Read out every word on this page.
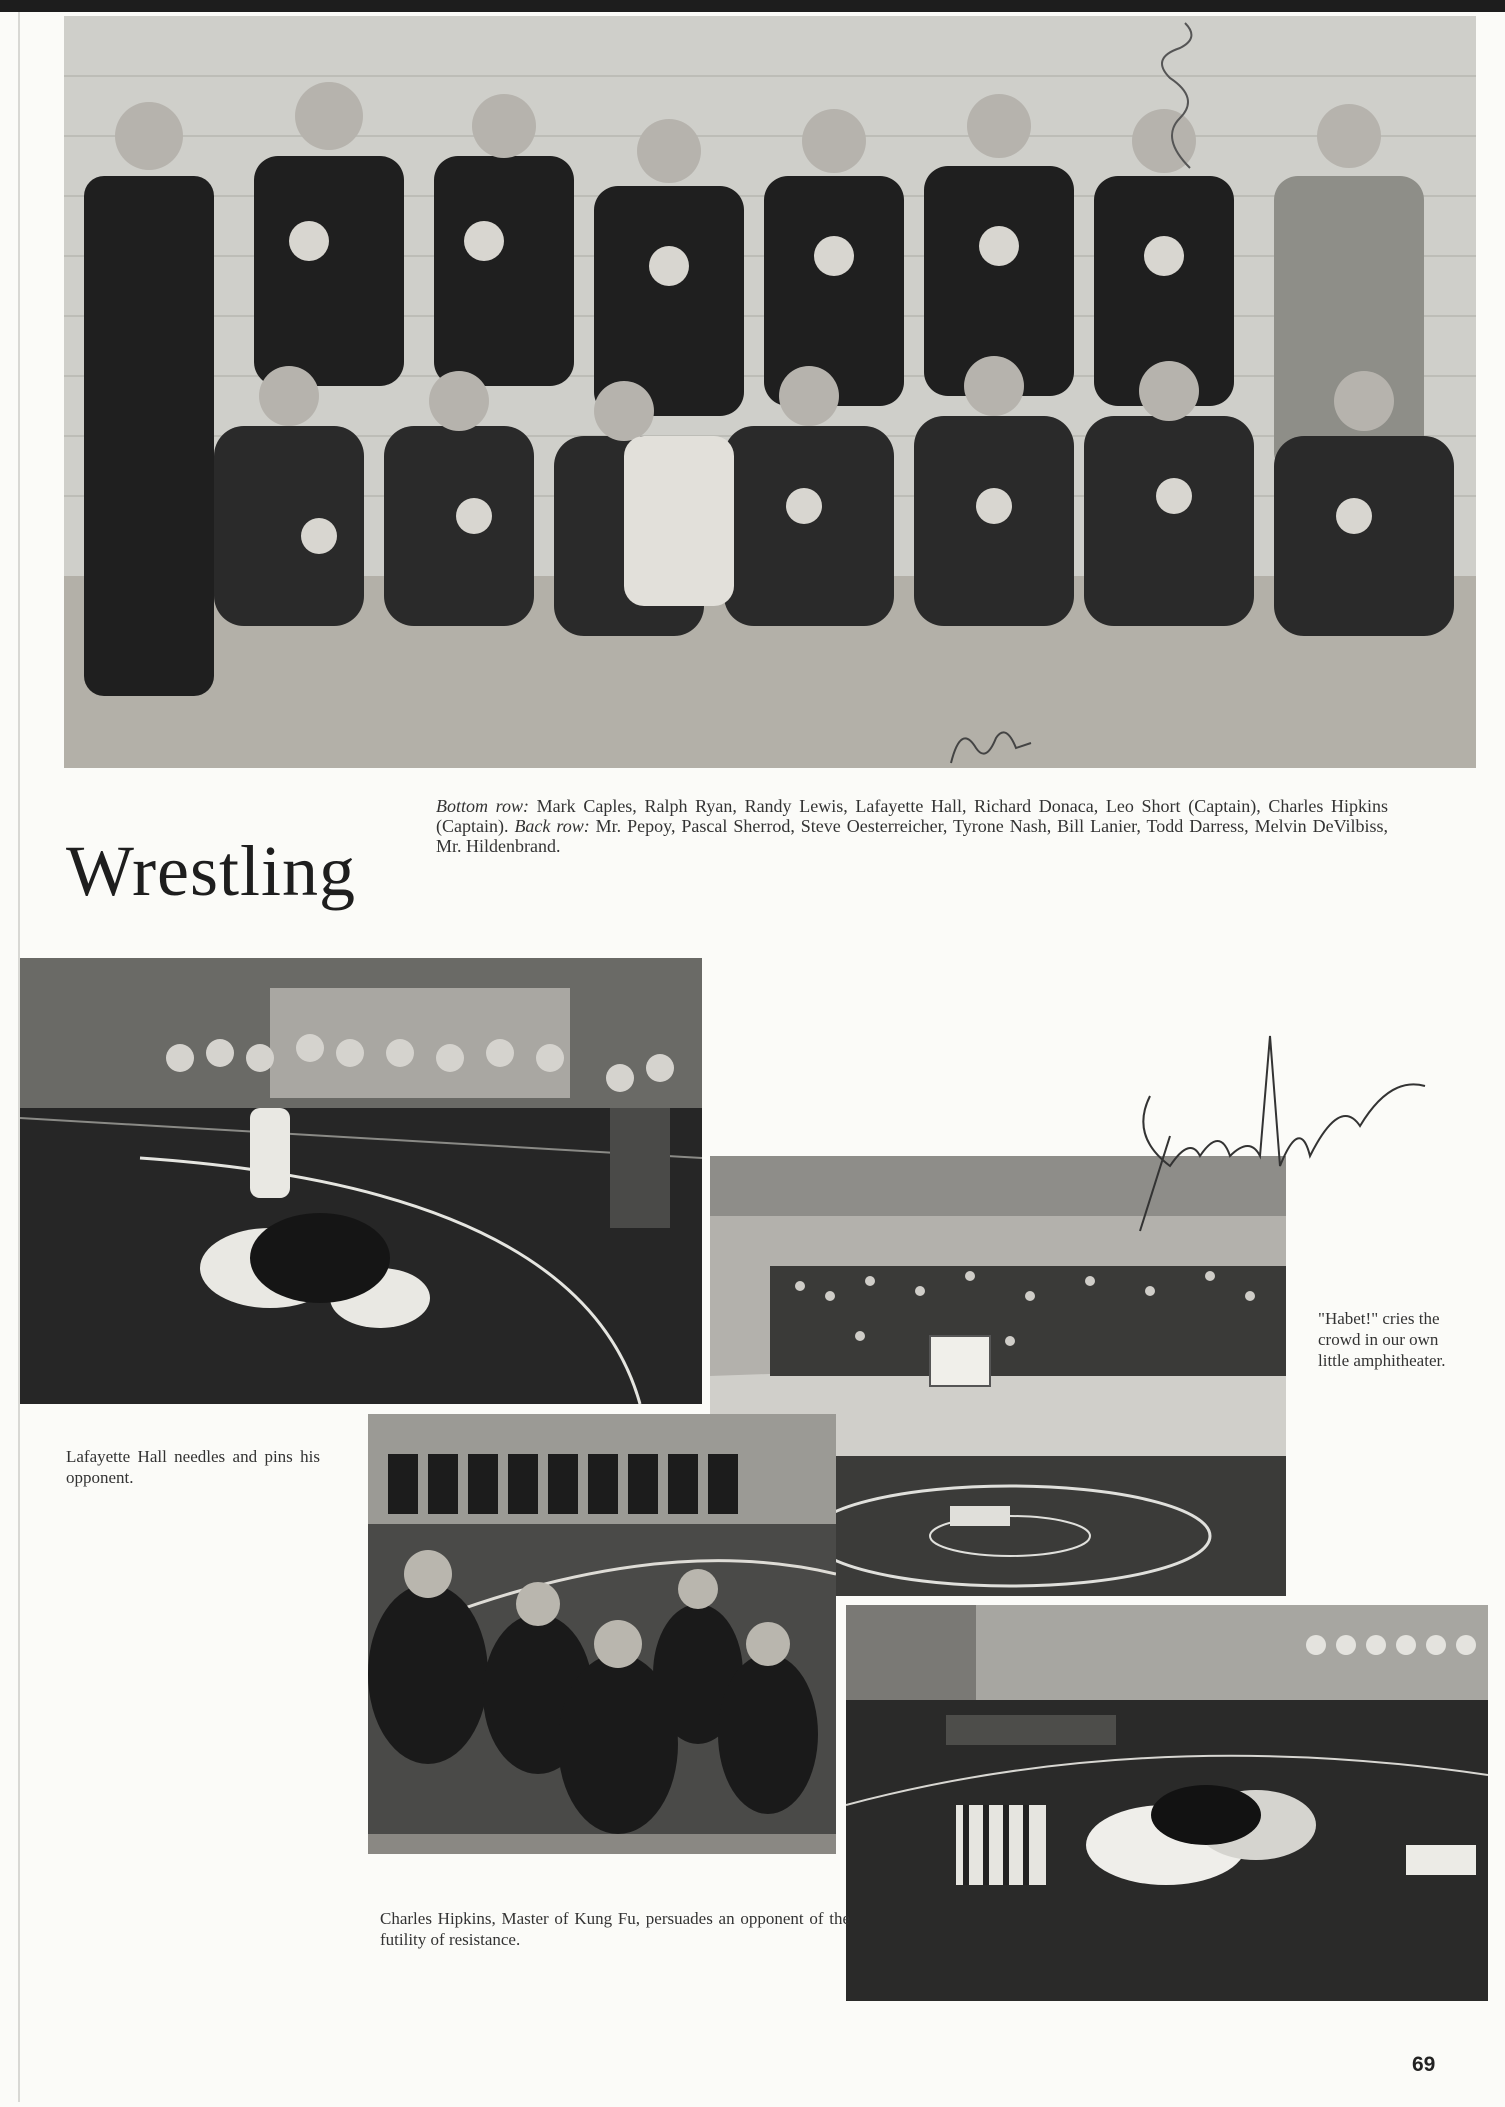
Wrestling
Bottom row: Mark Caples, Ralph Ryan, Randy Lewis, Lafayette Hall, Richard Donaca, Leo Short (Captain), Charles Hipkins (Captain). Back row: Mr. Pepoy, Pascal Sherrod, Steve Oesterreicher, Tyrone Nash, Bill Lanier, Todd Darress, Melvin DeVilbiss, Mr. Hildenbrand.
Lafayette Hall needles and pins his opponent.
"Habet!" cries the crowd in our own little amphitheater.
Charles Hipkins, Master of Kung Fu, persuades an opponent of the futility of resistance.
69
